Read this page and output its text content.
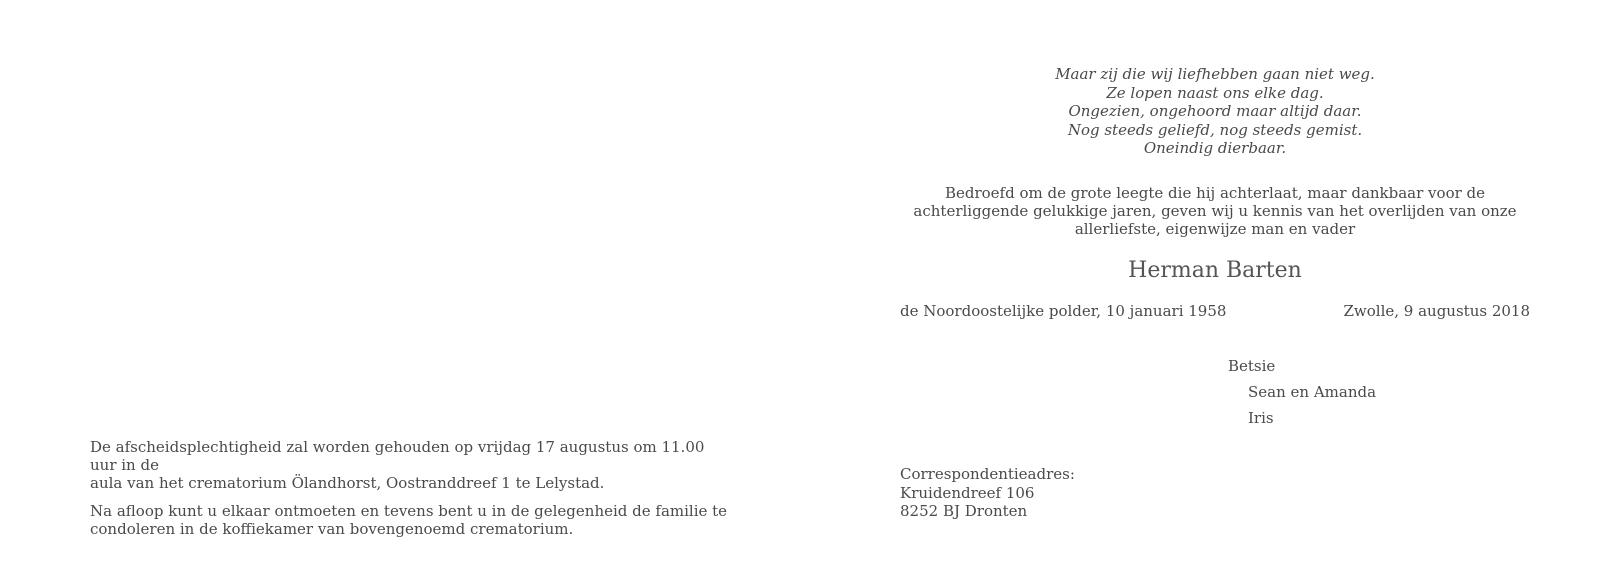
De afscheidsplechtigheid zal worden gehouden op vrijdag 17 augustus om 11.00 uur in de
aula van het crematorium Ölandhorst, Oostranddreef 1 te Lelystad.

Na afloop kunt u elkaar ontmoeten en tevens bent u in de gelegenheid de familie te
condoleren in de koffiekamer van bovengenoemd crematorium.

Maar zij die wij liefhebben gaan niet weg.
Ze lopen naast ons elke dag.
Ongezien, ongehoord maar altijd daar.
Nog steeds geliefd, nog steeds gemist.
Oneindig dierbaar.
Bedroefd om de grote leegte die hij achterlaat, maar dankbaar voor de
achterliggende gelukkige jaren, geven wij u kennis van het overlijden van onze
allerliefste, eigenwijze man en vader
Herman Barten
de Noordoostelijke polder, 10 januari 1958	Zwolle, 9 augustus 2018
Betsie
Sean en Amanda
Iris
Correspondentieadres:
Kruidendreef 106
8252 BJ Dronten
